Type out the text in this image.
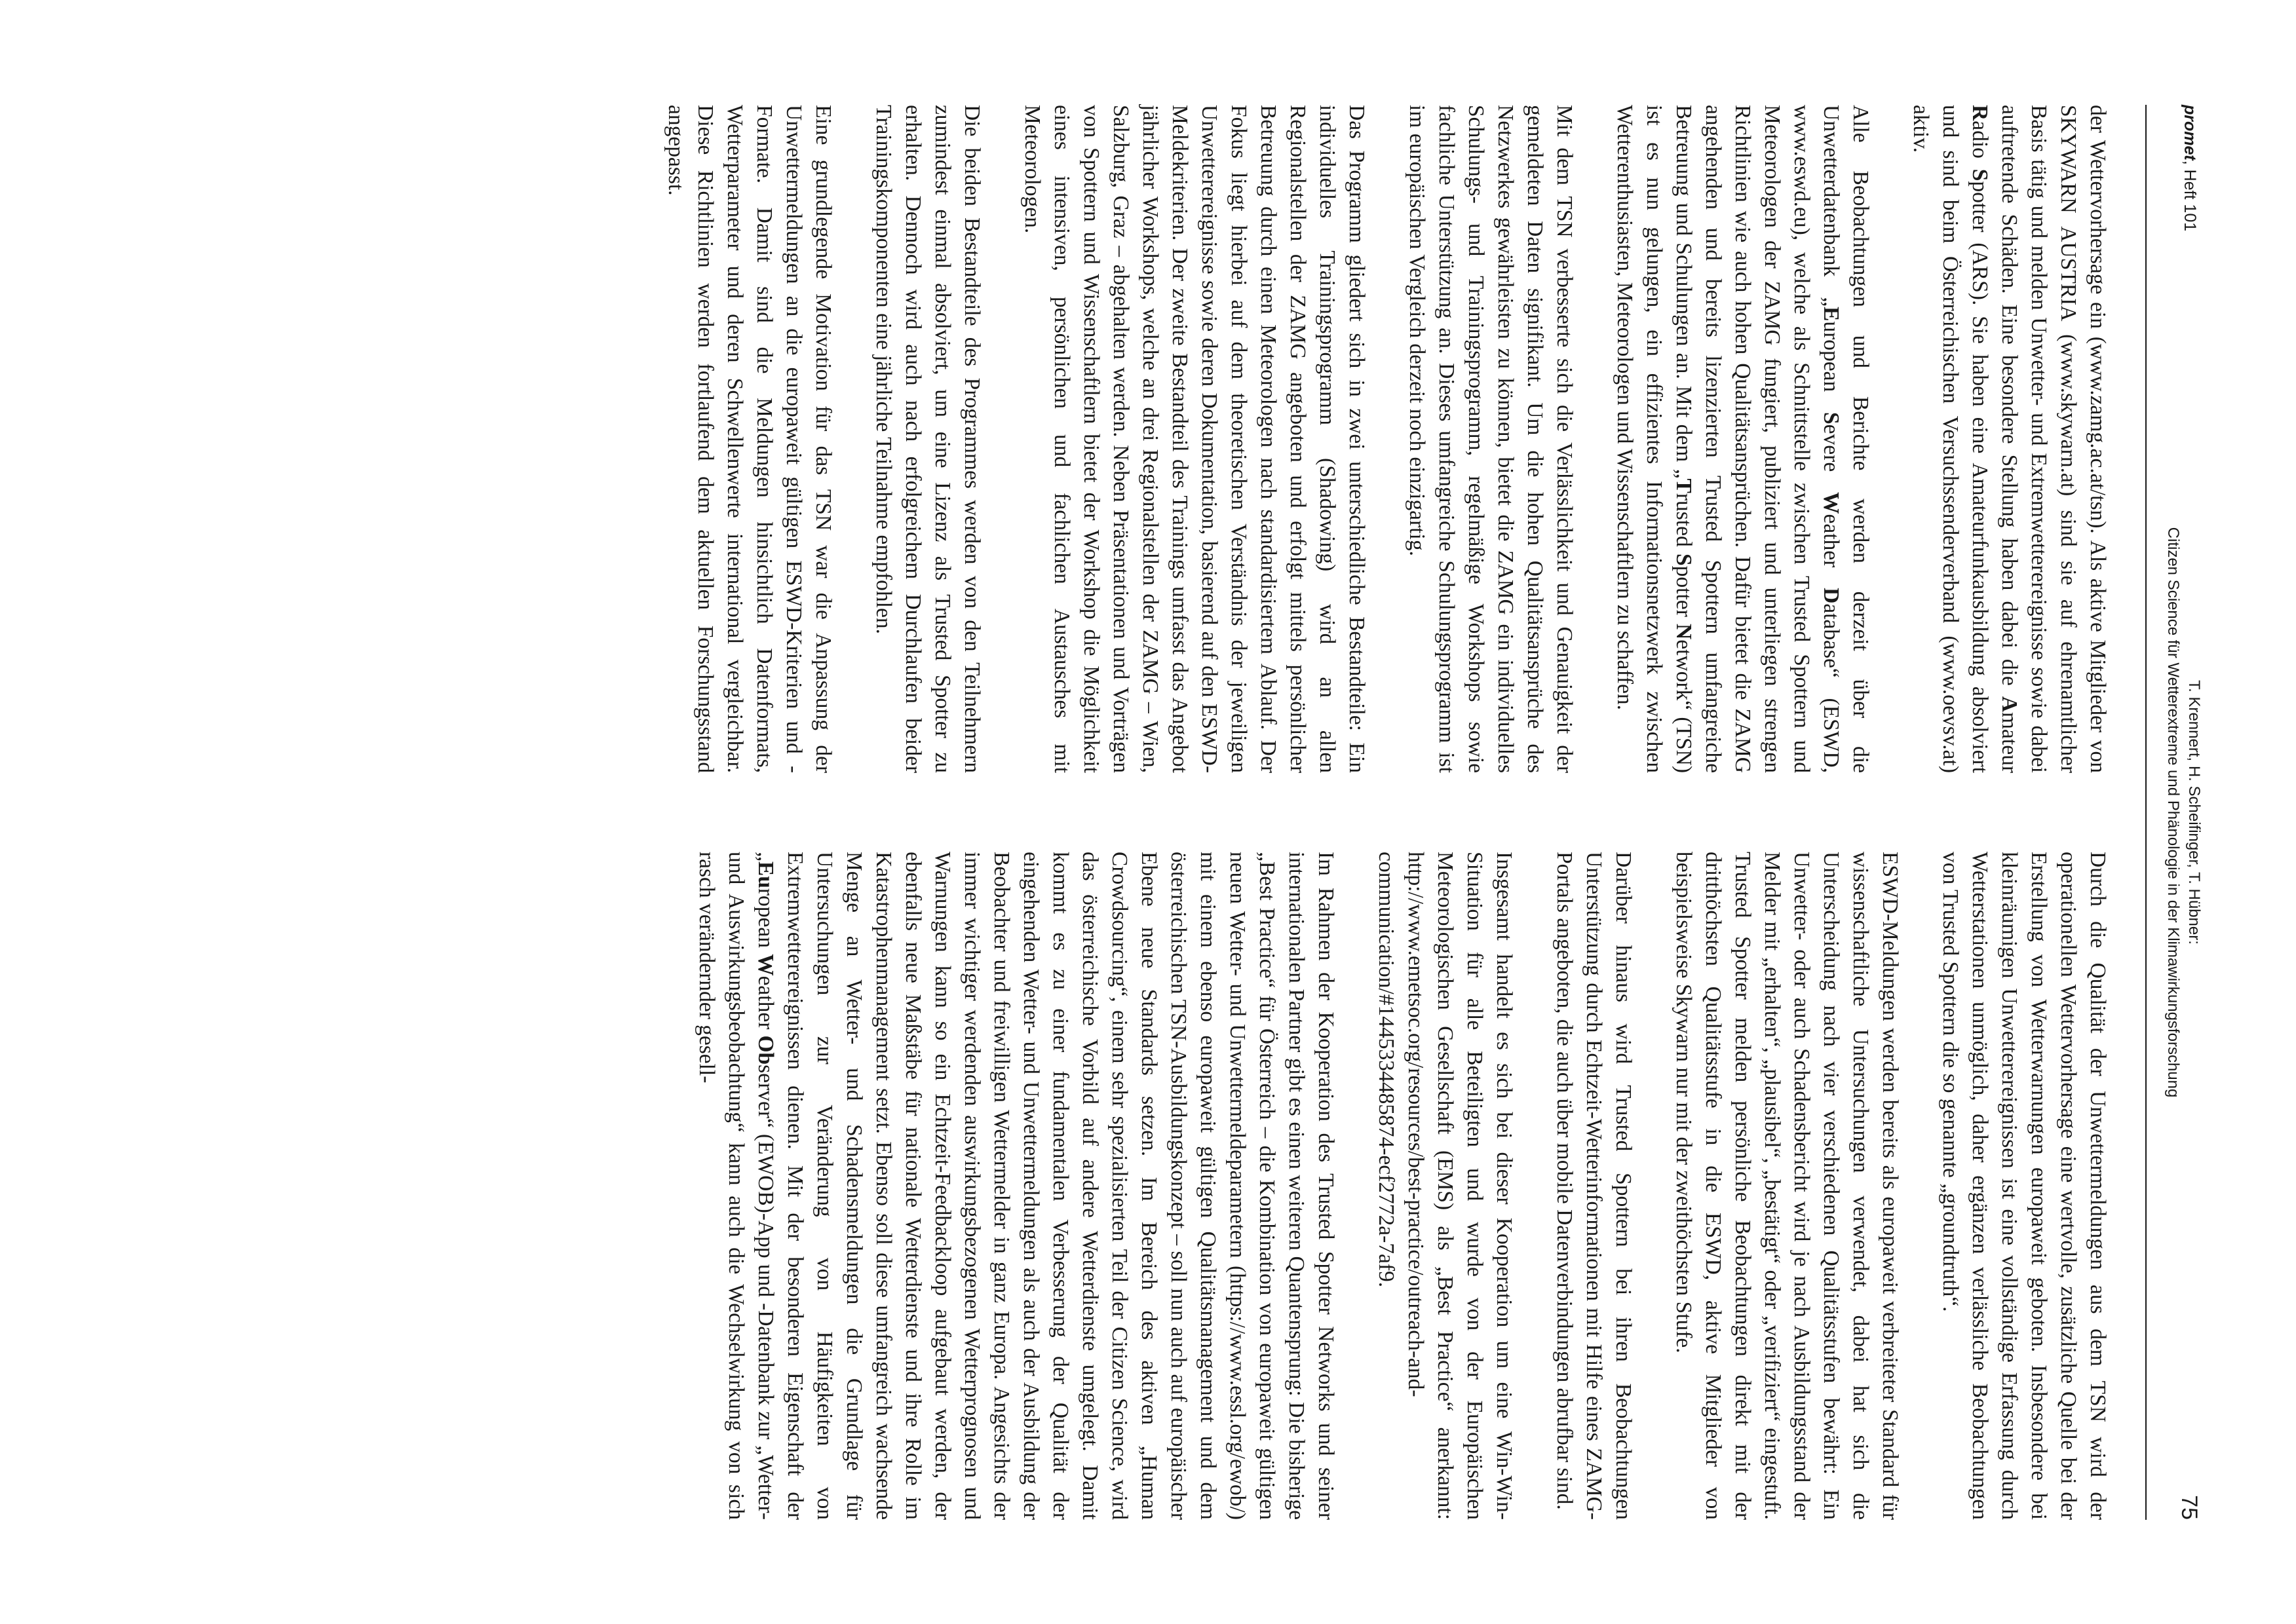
promet, Heft 101
T. Krennert, H. Scheifinger, T. Hübner:
Citizen Science für Wetterextreme und Phänologie in der Klimawirkungsforschung
75

der Wettervorhersage ein (www.zamg.ac.at/tsn). Als aktive Mitglieder von SKYWARN AUSTRIA (www.skywarn.at) sind sie auf ehrenamtlicher Basis tätig und melden Unwetter- und Extremwetterereignisse sowie dabei auftretende Schäden. Eine besondere Stellung haben dabei die Amateur Radio Spotter (ARS). Sie haben eine Amateurfunkausbildung absolviert und sind beim Österreichischen Versuchssenderverband (www.oevsv.at) aktiv.

Alle Beobachtungen und Berichte werden derzeit über die Unwetterdatenbank „European Severe Weather Database“ (ESWD, www.eswd.eu), welche als Schnittstelle zwischen Trusted Spottern und Meteorologen der ZAMG fungiert, publiziert und unterliegen strengen Richtlinien wie auch hohen Qualitätsansprüchen. Dafür bietet die ZAMG angehenden und bereits lizenzierten Trusted Spottern umfangreiche Betreuung und Schulungen an. Mit dem „Trusted Spotter Network“ (TSN) ist es nun gelungen, ein effizientes Informationsnetzwerk zwischen Wetterenthusiasten, Meteorologen und Wissenschaftlern zu schaffen.

Mit dem TSN verbesserte sich die Verlässlichkeit und Genauigkeit der gemeldeten Daten signifikant. Um die hohen Qualitätsansprüche des Netzwerkes gewährleisten zu können, bietet die ZAMG ein individuelles Schulungs- und Trainingsprogramm, regelmäßige Workshops sowie fachliche Unterstützung an. Dieses umfangreiche Schulungsprogramm ist im europäischen Vergleich derzeit noch einzigartig.

Das Programm gliedert sich in zwei unterschiedliche Bestandteile: Ein individuelles Trainingsprogramm (Shadowing) wird an allen Regionalstellen der ZAMG angeboten und erfolgt mittels persönlicher Betreuung durch einen Meteorologen nach standardisiertem Ablauf. Der Fokus liegt hierbei auf dem theoretischen Verständnis der jeweiligen Unwetterereignisse sowie deren Dokumentation, basierend auf den ESWD-Meldekriterien. Der zweite Bestandteil des Trainings umfasst das Angebot jährlicher Workshops, welche an drei Regionalstellen der ZAMG – Wien, Salzburg, Graz – abgehalten werden. Neben Präsentationen und Vorträgen von Spottern und Wissenschaftlern bietet der Workshop die Möglichkeit eines intensiven, persönlichen und fachlichen Austausches mit Meteorologen.

Die beiden Bestandteile des Programmes werden von den Teilnehmern zumindest einmal absolviert, um eine Lizenz als Trusted Spotter zu erhalten. Dennoch wird auch nach erfolgreichem Durchlaufen beider Trainingskomponenten eine jährliche Teilnahme empfohlen.

Eine grundlegende Motivation für das TSN war die Anpassung der Unwettermeldungen an die europaweit gültigen ESWD-Kriterien und -Formate. Damit sind die Meldungen hinsichtlich Datenformats, Wetterparameter und deren Schwellenwerte international vergleichbar. Diese Richtlinien werden fortlaufend dem aktuellen Forschungsstand angepasst.

Durch die Qualität der Unwettermeldungen aus dem TSN wird der operationellen Wettervorhersage eine wertvolle, zusätzliche Quelle bei der Erstellung von Wetterwarnungen europaweit geboten. Insbesondere bei kleinräumigen Unwetterereignissen ist eine vollständige Erfassung durch Wetterstationen unmöglich, daher ergänzen verlässliche Beobachtungen von Trusted Spottern die so genannte „groundtruth“.

ESWD-Meldungen werden bereits als europaweit verbreiteter Standard für wissenschaftliche Untersuchungen verwendet, dabei hat sich die Unterscheidung nach vier verschiedenen Qualitätsstufen bewährt: Ein Unwetter- oder auch Schadensbericht wird je nach Ausbildungsstand der Melder mit „erhalten“, „plausibel“, „bestätigt“ oder „verifiziert“ eingestuft. Trusted Spotter melden persönliche Beobachtungen direkt mit der dritthöchsten Qualitätsstufe in die ESWD, aktive Mitglieder von beispielsweise Skywarn nur mit der zweithöchsten Stufe.

Darüber hinaus wird Trusted Spottern bei ihren Beobachtungen Unterstützung durch Echtzeit-Wetterinformationen mit Hilfe eines ZAMG-Portals angeboten, die auch über mobile Datenverbindungen abrufbar sind.

Insgesamt handelt es sich bei dieser Kooperation um eine Win-Win-Situation für alle Beteiligten und wurde von der Europäischen Meteorologischen Gesellschaft (EMS) als „Best Practice“ anerkannt: http://www.emetsoc.org/resources/best-practice/outreach-and-communication/#1445334485874-ecf2772a-7af9.

Im Rahmen der Kooperation des Trusted Spotter Networks und seiner internationalen Partner gibt es einen weiteren Quantensprung: Die bisherige „Best Practice“ für Österreich – die Kombination von europaweit gültigen neuen Wetter- und Unwettermeldeparametern (https://www.essl.org/ewob/) mit einem ebenso europaweit gültigen Qualitätsmanagement und dem österreichischen TSN-Ausbildungskonzept – soll nun auch auf europäischer Ebene neue Standards setzen. Im Bereich des aktiven „Human Crowdsourcing“, einem sehr spezialisierten Teil der Citizen Science, wird das österreichische Vorbild auf andere Wetterdienste umgelegt. Damit kommt es zu einer fundamentalen Verbesserung der Qualität der eingehenden Wetter- und Unwettermeldungen als auch der Ausbildung der Beobachter und freiwilligen Wettermelder in ganz Europa. Angesichts der immer wichtiger werdenden auswirkungsbezogenen Wetterprognosen und Warnungen kann so ein Echtzeit-Feedbackloop aufgebaut werden, der ebenfalls neue Maßstäbe für nationale Wetterdienste und ihre Rolle im Katastrophenmanagement setzt. Ebenso soll diese umfangreich wachsende Menge an Wetter- und Schadensmeldungen die Grundlage für Untersuchungen zur Veränderung von Häufigkeiten von Extremwetterereignissen dienen. Mit der besonderen Eigenschaft der „European Weather Observer“ (EWOB)-App und -Datenbank zur „Wetter- und Auswirkungsbeobachtung“ kann auch die Wechselwirkung von sich rasch verändernder gesell-
